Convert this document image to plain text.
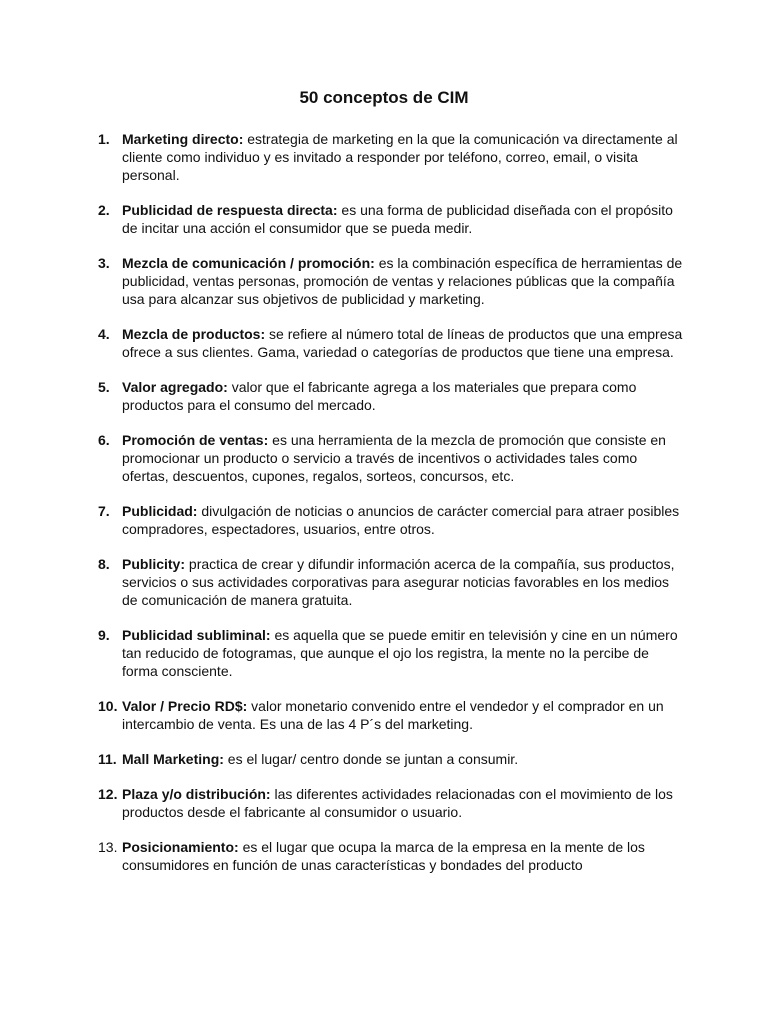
50 conceptos de CIM
1. Marketing directo: estrategia de marketing en la que la comunicación va directamente al cliente como individuo y es invitado a responder por teléfono, correo, email, o visita personal.
2. Publicidad de respuesta directa: es una forma de publicidad diseñada con el propósito de incitar una acción el consumidor que se pueda medir.
3. Mezcla de comunicación / promoción: es la combinación específica de herramientas de publicidad, ventas personas, promoción de ventas y relaciones públicas que la compañía usa para alcanzar sus objetivos de publicidad y marketing.
4. Mezcla de productos: se refiere al número total de líneas de productos que una empresa ofrece a sus clientes. Gama, variedad o categorías de productos que tiene una empresa.
5. Valor agregado: valor que el fabricante agrega a los materiales que prepara como productos para el consumo del mercado.
6. Promoción de ventas: es una herramienta de la mezcla de promoción que consiste en promocionar un producto o servicio a través de incentivos o actividades tales como ofertas, descuentos, cupones, regalos, sorteos, concursos, etc.
7. Publicidad: divulgación de noticias o anuncios de carácter comercial para atraer posibles compradores, espectadores, usuarios, entre otros.
8. Publicity: practica de crear y difundir información acerca de la compañía, sus productos, servicios o sus actividades corporativas para asegurar noticias favorables en los medios de comunicación de manera gratuita.
9. Publicidad subliminal: es aquella que se puede emitir en televisión y cine en un número tan reducido de fotogramas, que aunque el ojo los registra, la mente no la percibe de forma consciente.
10. Valor / Precio RD$: valor monetario convenido entre el vendedor y el comprador en un intercambio de venta. Es una de las 4 P´s del marketing.
11. Mall Marketing: es el lugar/ centro donde se juntan a consumir.
12. Plaza y/o distribución: las diferentes actividades relacionadas con el movimiento de los productos desde el fabricante al consumidor o usuario.
13. Posicionamiento: es el lugar que ocupa la marca de la empresa en la mente de los consumidores en función de unas características y bondades del producto
